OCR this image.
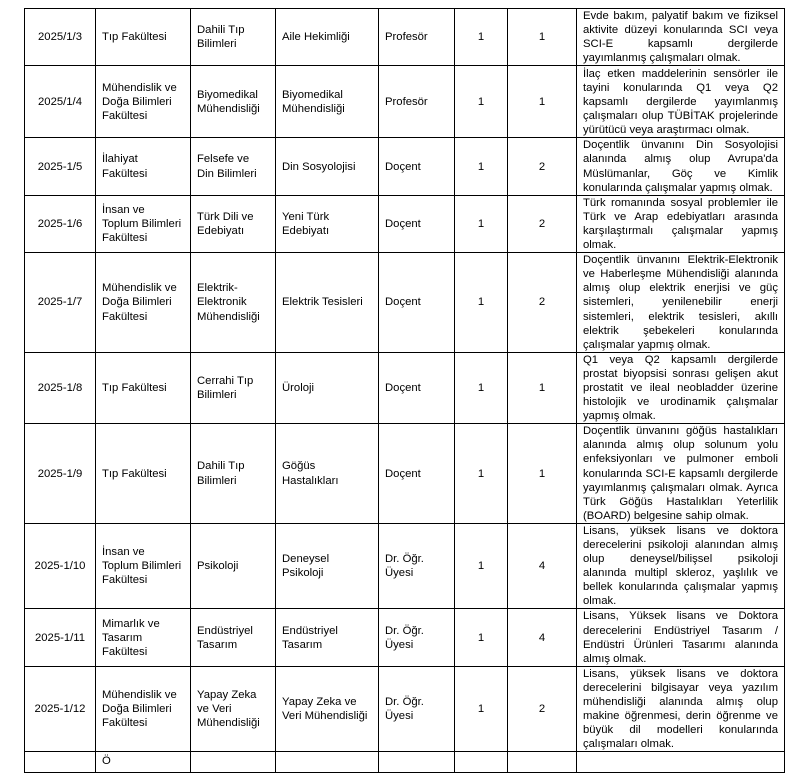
2025/1/3	Tıp Fakültesi	Dahili Tıp Bilimleri	Aile Hekimliği	Profesör	1	1	Evde bakım, palyatif bakım ve fiziksel aktivite düzeyi konularında SCI veya SCI-E kapsamlı dergilerde yayımlanmış çalışmaları olmak.
2025/1/4	Mühendislik ve Doğa Bilimleri Fakültesi	Biyomedikal Mühendisliği	Biyomedikal Mühendisliği	Profesör	1	1	İlaç etken maddelerinin sensörler ile tayini konularında Q1 veya Q2 kapsamlı dergilerde yayımlanmış çalışmaları olup TÜBİTAK projelerinde yürütücü veya araştırmacı olmak.
2025-1/5	İlahiyat Fakültesi	Felsefe ve Din Bilimleri	Din Sosyolojisi	Doçent	1	2	Doçentlik ünvanını Din Sosyolojisi alanında almış olup Avrupa'da Müslümanlar, Göç ve Kimlik konularında çalışmalar yapmış olmak.
2025-1/6	İnsan ve Toplum Bilimleri Fakültesi	Türk Dili ve Edebiyatı	Yeni Türk Edebiyatı	Doçent	1	2	Türk romanında sosyal problemler ile Türk ve Arap edebiyatları arasında karşılaştırmalı çalışmalar yapmış olmak.
2025-1/7	Mühendislik ve Doğa Bilimleri Fakültesi	Elektrik-Elektronik Mühendisliği	Elektrik Tesisleri	Doçent	1	2	Doçentlik ünvanını Elektrik-Elektronik ve Haberleşme Mühendisliği alanında almış olup elektrik enerjisi ve güç sistemleri, yenilenebilir enerji sistemleri, elektrik tesisleri, akıllı elektrik şebekeleri konularında çalışmalar yapmış olmak.
2025-1/8	Tıp Fakültesi	Cerrahi Tıp Bilimleri	Üroloji	Doçent	1	1	Q1 veya Q2 kapsamlı dergilerde prostat biyopsisi sonrası gelişen akut prostatit ve ileal neobladder üzerine histolojik ve urodinamik çalışmalar yapmış olmak.
2025-1/9	Tıp Fakültesi	Dahili Tıp Bilimleri	Göğüs Hastalıkları	Doçent	1	1	Doçentlik ünvanını göğüs hastalıkları alanında almış olup solunum yolu enfeksiyonları ve pulmoner emboli konularında SCI-E kapsamlı dergilerde yayımlanmış çalışmaları olmak. Ayrıca Türk Göğüs Hastalıkları Yeterlilik (BOARD) belgesine sahip olmak.
2025-1/10	İnsan ve Toplum Bilimleri Fakültesi	Psikoloji	Deneysel Psikoloji	Dr. Öğr. Üyesi	1	4	Lisans, yüksek lisans ve doktora derecelerini psikoloji alanından almış olup deneysel/bilişsel psikoloji alanında multipl skleroz, yaşlılık ve bellek konularında çalışmalar yapmış olmak.
2025-1/11	Mimarlık ve Tasarım Fakültesi	Endüstriyel Tasarım	Endüstriyel Tasarım	Dr. Öğr. Üyesi	1	4	Lisans, Yüksek lisans ve Doktora derecelerini Endüstriyel Tasarım / Endüstri Ürünleri Tasarımı alanında almış olmak.
2025-1/12	Mühendislik ve Doğa Bilimleri Fakültesi	Yapay Zeka ve Veri Mühendisliği	Yapay Zeka ve Veri Mühendisliği	Dr. Öğr. Üyesi	1	2	Lisans, yüksek lisans ve doktora derecelerini bilgisayar veya yazılım mühendisliği alanında almış olup makine öğrenmesi, derin öğrenme ve büyük dil modelleri konularında çalışmaları olmak.

	Ö						
